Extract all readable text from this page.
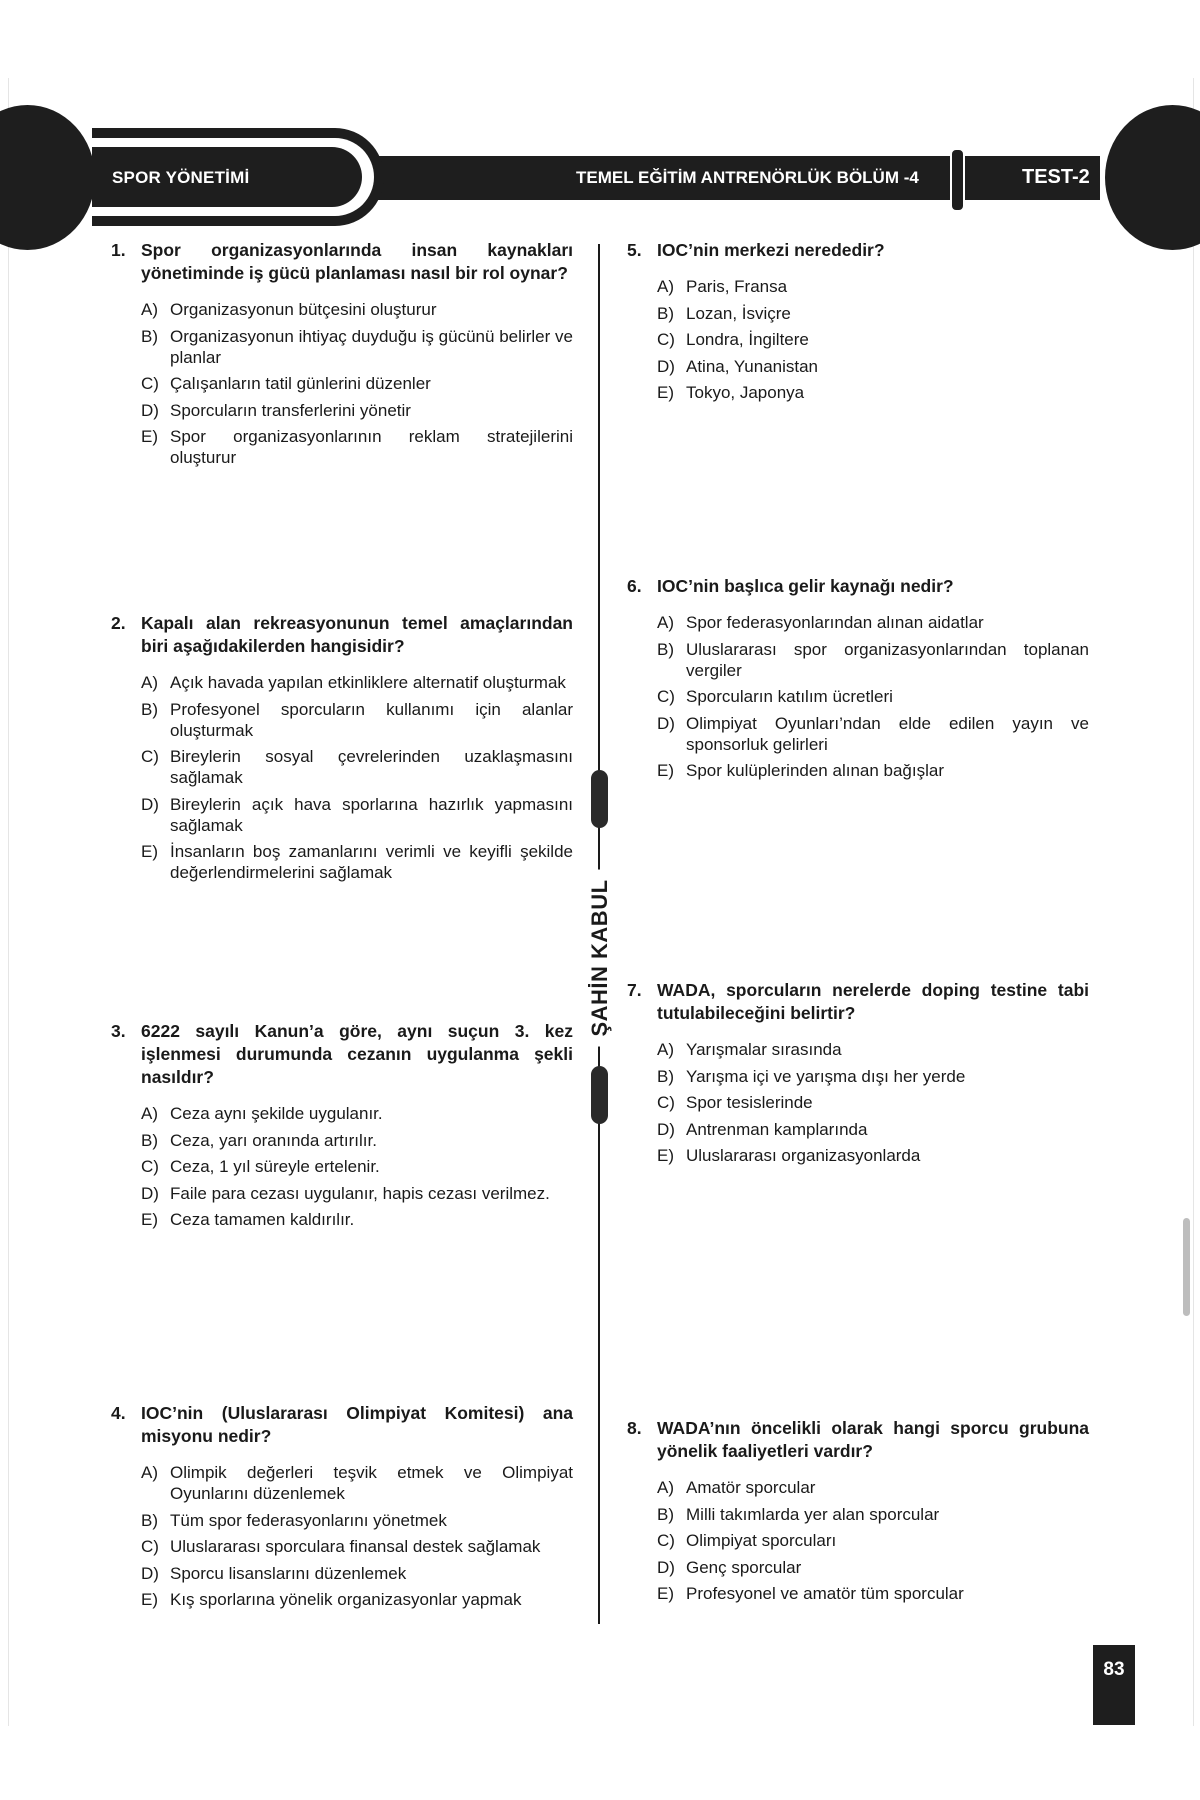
SPOR YÖNETİMİ	TEMEL EĞİTİM ANTRENÖRLÜK BÖLÜM -4	TEST-2
ŞAHİN KABUL
1. Spor organizasyonlarında insan kaynakları yönetiminde iş gücü planlaması nasıl bir rol oynar?
A) Organizasyonun bütçesini oluşturur
B) Organizasyonun ihtiyaç duyduğu iş gücünü belirler ve planlar
C) Çalışanların tatil günlerini düzenler
D) Sporcuların transferlerini yönetir
E) Spor organizasyonlarının reklam stratejilerini oluşturur
2. Kapalı alan rekreasyonunun temel amaçlarından biri aşağıdakilerden hangisidir?
A) Açık havada yapılan etkinliklere alternatif oluşturmak
B) Profesyonel sporcuların kullanımı için alanlar oluşturmak
C) Bireylerin sosyal çevrelerinden uzaklaşmasını sağlamak
D) Bireylerin açık hava sporlarına hazırlık yapmasını sağlamak
E) İnsanların boş zamanlarını verimli ve keyifli şekilde değerlendirmelerini sağlamak
3. 6222 sayılı Kanun’a göre, aynı suçun 3. kez işlenmesi durumunda cezanın uygulanma şekli nasıldır?
A) Ceza aynı şekilde uygulanır.
B) Ceza, yarı oranında artırılır.
C) Ceza, 1 yıl süreyle ertelenir.
D) Faile para cezası uygulanır, hapis cezası verilmez.
E) Ceza tamamen kaldırılır.
4. IOC’nin (Uluslararası Olimpiyat Komitesi) ana misyonu nedir?
A) Olimpik değerleri teşvik etmek ve Olimpiyat Oyunlarını düzenlemek
B) Tüm spor federasyonlarını yönetmek
C) Uluslararası sporculara finansal destek sağlamak
D) Sporcu lisanslarını düzenlemek
E) Kış sporlarına yönelik organizasyonlar yapmak
5. IOC’nin merkezi nerededir?
A) Paris, Fransa
B) Lozan, İsviçre
C) Londra, İngiltere
D) Atina, Yunanistan
E) Tokyo, Japonya
6. IOC’nin başlıca gelir kaynağı nedir?
A) Spor federasyonlarından alınan aidatlar
B) Uluslararası spor organizasyonlarından toplanan vergiler
C) Sporcuların katılım ücretleri
D) Olimpiyat Oyunları’ndan elde edilen yayın ve sponsorluk gelirleri
E) Spor kulüplerinden alınan bağışlar
7. WADA, sporcuların nerelerde doping testine tabi tutulabileceğini belirtir?
A) Yarışmalar sırasında
B) Yarışma içi ve yarışma dışı her yerde
C) Spor tesislerinde
D) Antrenman kamplarında
E) Uluslararası organizasyonlarda
8. WADA’nın öncelikli olarak hangi sporcu grubuna yönelik faaliyetleri vardır?
A) Amatör sporcular
B) Milli takımlarda yer alan sporcular
C) Olimpiyat sporcuları
D) Genç sporcular
E) Profesyonel ve amatör tüm sporcular
83
